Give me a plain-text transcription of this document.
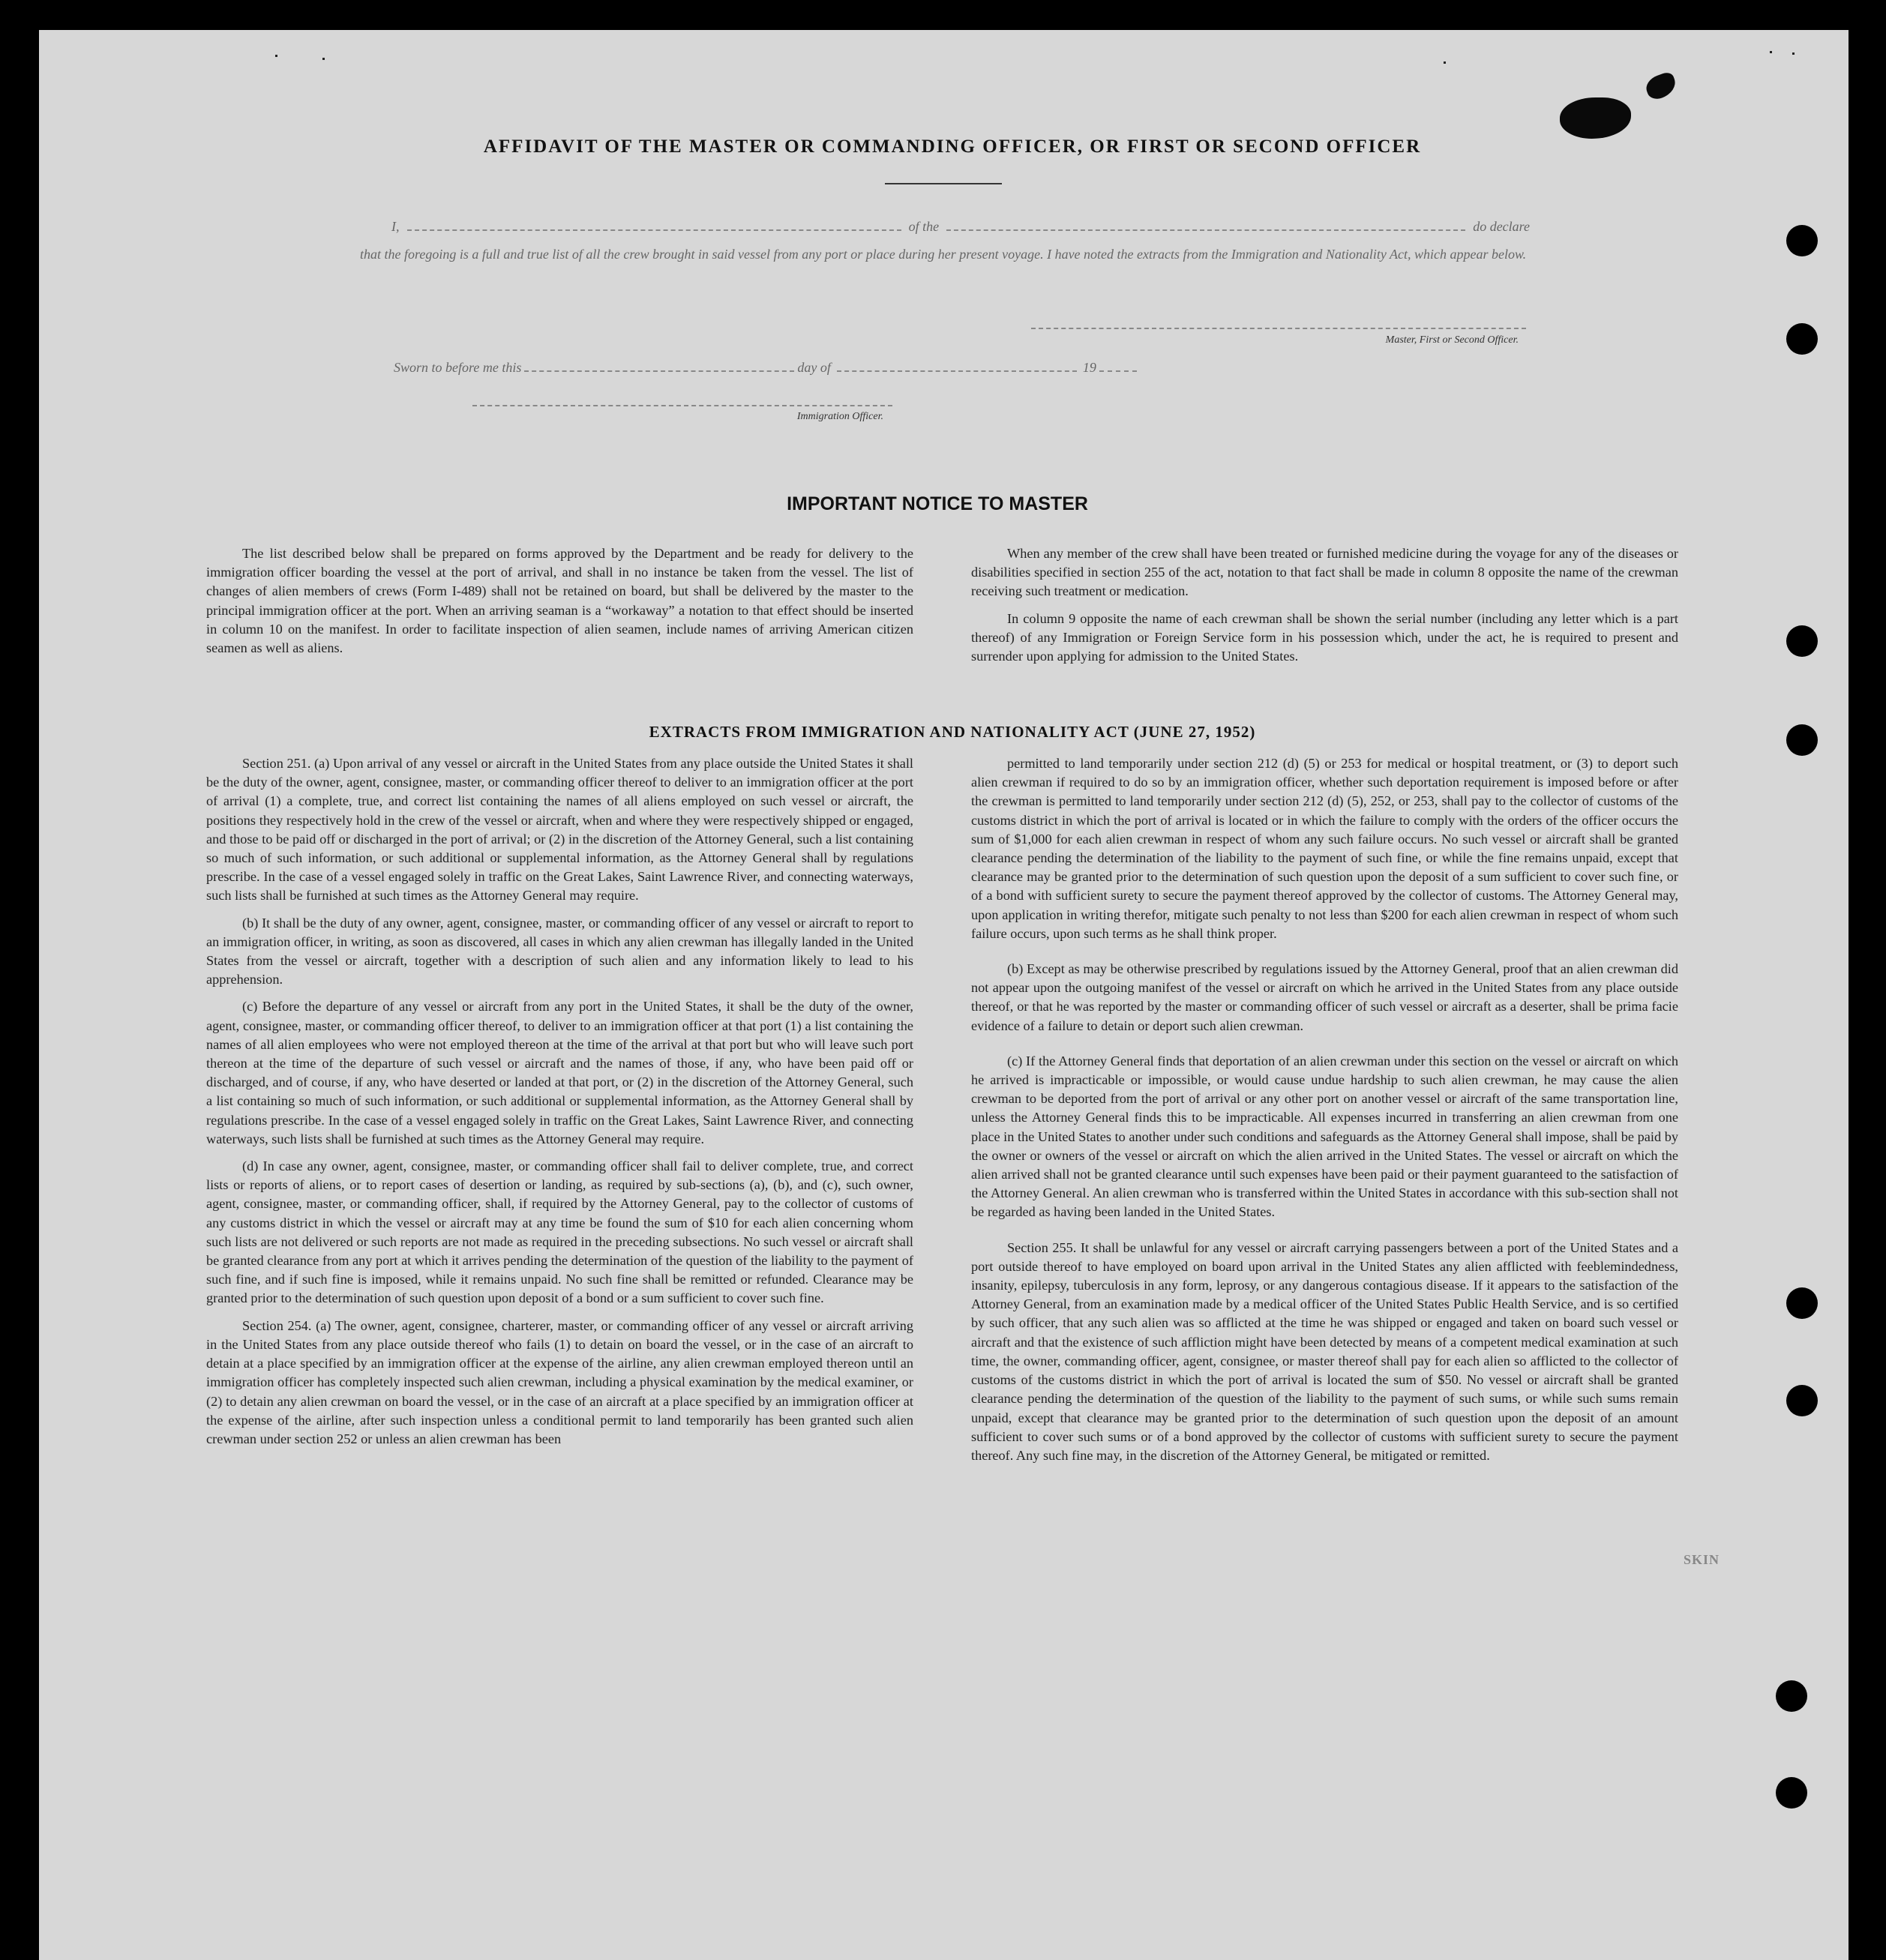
AFFIDAVIT OF THE MASTER OR COMMANDING OFFICER, OR FIRST OR SECOND OFFICER
I,	of the	do declare
that the foregoing is a full and true list of all the crew brought in said vessel from any port or place during her present voyage. I have noted the extracts from the Immigration and Nationality Act, which appear below.
Master, First or Second Officer.
Sworn to before me this	day of	19
Immigration Officer.
IMPORTANT NOTICE TO MASTER

The list described below shall be prepared on forms approved by the Department and be ready for delivery to the immigration officer boarding the vessel at the port of arrival, and shall in no instance be taken from the vessel. The list of changes of alien members of crews (Form I-489) shall not be retained on board, but shall be delivered by the master to the principal immigration officer at the port. When an arriving seaman is a “workaway” a notation to that effect should be inserted in column 10 on the manifest. In order to facilitate inspection of alien seamen, include names of arriving American citizen seamen as well as aliens.

When any member of the crew shall have been treated or furnished medicine during the voyage for any of the diseases or disabilities specified in section 255 of the act, notation to that fact shall be made in column 8 opposite the name of the crewman receiving such treatment or medication.

In column 9 opposite the name of each crewman shall be shown the serial number (including any letter which is a part thereof) of any Immigration or Foreign Service form in his possession which, under the act, he is required to present and surrender upon applying for admission to the United States.

EXTRACTS FROM IMMIGRATION AND NATIONALITY ACT (JUNE 27, 1952)

Section 251. (a) Upon arrival of any vessel or aircraft in the United States from any place outside the United States it shall be the duty of the owner, agent, consignee, master, or commanding officer thereof to deliver to an immigration officer at the port of arrival (1) a complete, true, and correct list containing the names of all aliens employed on such vessel or aircraft, the positions they respectively hold in the crew of the vessel or aircraft, when and where they were respectively shipped or engaged, and those to be paid off or discharged in the port of arrival; or (2) in the discretion of the Attorney General, such a list containing so much of such information, or such additional or supplemental information, as the Attorney General shall by regulations prescribe. In the case of a vessel engaged solely in traffic on the Great Lakes, Saint Lawrence River, and connecting waterways, such lists shall be furnished at such times as the Attorney General may require.

(b) It shall be the duty of any owner, agent, consignee, master, or commanding officer of any vessel or aircraft to report to an immigration officer, in writing, as soon as discovered, all cases in which any alien crewman has illegally landed in the United States from the vessel or aircraft, together with a description of such alien and any information likely to lead to his apprehension.

(c) Before the departure of any vessel or aircraft from any port in the United States, it shall be the duty of the owner, agent, consignee, master, or commanding officer thereof, to deliver to an immigration officer at that port (1) a list containing the names of all alien employees who were not employed thereon at the time of the arrival at that port but who will leave such port thereon at the time of the departure of such vessel or aircraft and the names of those, if any, who have been paid off or discharged, and of course, if any, who have deserted or landed at that port, or (2) in the discretion of the Attorney General, such a list containing so much of such information, or such additional or supplemental information, as the Attorney General shall by regulations prescribe. In the case of a vessel engaged solely in traffic on the Great Lakes, Saint Lawrence River, and connecting waterways, such lists shall be furnished at such times as the Attorney General may require.

(d) In case any owner, agent, consignee, master, or commanding officer shall fail to deliver complete, true, and correct lists or reports of aliens, or to report cases of desertion or landing, as required by sub-sections (a), (b), and (c), such owner, agent, consignee, master, or commanding officer, shall, if required by the Attorney General, pay to the collector of customs of any customs district in which the vessel or aircraft may at any time be found the sum of $10 for each alien concerning whom such lists are not delivered or such reports are not made as required in the preceding subsections. No such vessel or aircraft shall be granted clearance from any port at which it arrives pending the determination of the question of the liability to the payment of such fine, and if such fine is imposed, while it remains unpaid. No such fine shall be remitted or refunded. Clearance may be granted prior to the determination of such question upon deposit of a bond or a sum sufficient to cover such fine.

Section 254. (a) The owner, agent, consignee, charterer, master, or commanding officer of any vessel or aircraft arriving in the United States from any place outside thereof who fails (1) to detain on board the vessel, or in the case of an aircraft to detain at a place specified by an immigration officer at the expense of the airline, any alien crewman employed thereon until an immigration officer has completely inspected such alien crewman, including a physical examination by the medical examiner, or (2) to detain any alien crewman on board the vessel, or in the case of an aircraft at a place specified by an immigration officer at the expense of the airline, after such inspection unless a conditional permit to land temporarily has been granted such alien crewman under section 252 or unless an alien crewman has been

permitted to land temporarily under section 212 (d) (5) or 253 for medical or hospital treatment, or (3) to deport such alien crewman if required to do so by an immigration officer, whether such deportation requirement is imposed before or after the crewman is permitted to land temporarily under section 212 (d) (5), 252, or 253, shall pay to the collector of customs of the customs district in which the port of arrival is located or in which the failure to comply with the orders of the officer occurs the sum of $1,000 for each alien crewman in respect of whom any such failure occurs. No such vessel or aircraft shall be granted clearance pending the determination of the liability to the payment of such fine, or while the fine remains unpaid, except that clearance may be granted prior to the determination of such question upon the deposit of a sum sufficient to cover such fine, or of a bond with sufficient surety to secure the payment thereof approved by the collector of customs. The Attorney General may, upon application in writing therefor, mitigate such penalty to not less than $200 for each alien crewman in respect of whom such failure occurs, upon such terms as he shall think proper.

(b) Except as may be otherwise prescribed by regulations issued by the Attorney General, proof that an alien crewman did not appear upon the outgoing manifest of the vessel or aircraft on which he arrived in the United States from any place outside thereof, or that he was reported by the master or commanding officer of such vessel or aircraft as a deserter, shall be prima facie evidence of a failure to detain or deport such alien crewman.

(c) If the Attorney General finds that deportation of an alien crewman under this section on the vessel or aircraft on which he arrived is impracticable or impossible, or would cause undue hardship to such alien crewman, he may cause the alien crewman to be deported from the port of arrival or any other port on another vessel or aircraft of the same transportation line, unless the Attorney General finds this to be impracticable. All expenses incurred in transferring an alien crewman from one place in the United States to another under such conditions and safeguards as the Attorney General shall impose, shall be paid by the owner or owners of the vessel or aircraft on which the alien arrived in the United States. The vessel or aircraft on which the alien arrived shall not be granted clearance until such expenses have been paid or their payment guaranteed to the satisfaction of the Attorney General. An alien crewman who is transferred within the United States in accordance with this sub-section shall not be regarded as having been landed in the United States.

Section 255. It shall be unlawful for any vessel or aircraft carrying passengers between a port of the United States and a port outside thereof to have employed on board upon arrival in the United States any alien afflicted with feeblemindedness, insanity, epilepsy, tuberculosis in any form, leprosy, or any dangerous contagious disease. If it appears to the satisfaction of the Attorney General, from an examination made by a medical officer of the United States Public Health Service, and is so certified by such officer, that any such alien was so afflicted at the time he was shipped or engaged and taken on board such vessel or aircraft and that the existence of such affliction might have been detected by means of a competent medical examination at such time, the owner, commanding officer, agent, consignee, or master thereof shall pay for each alien so afflicted to the collector of customs of the customs district in which the port of arrival is located the sum of $50. No vessel or aircraft shall be granted clearance pending the determination of the question of the liability to the payment of such sums, or while such sums remain unpaid, except that clearance may be granted prior to the determination of such question upon the deposit of an amount sufficient to cover such sums or of a bond approved by the collector of customs with sufficient surety to secure the payment thereof. Any such fine may, in the discretion of the Attorney General, be mitigated or remitted.

SKIN
